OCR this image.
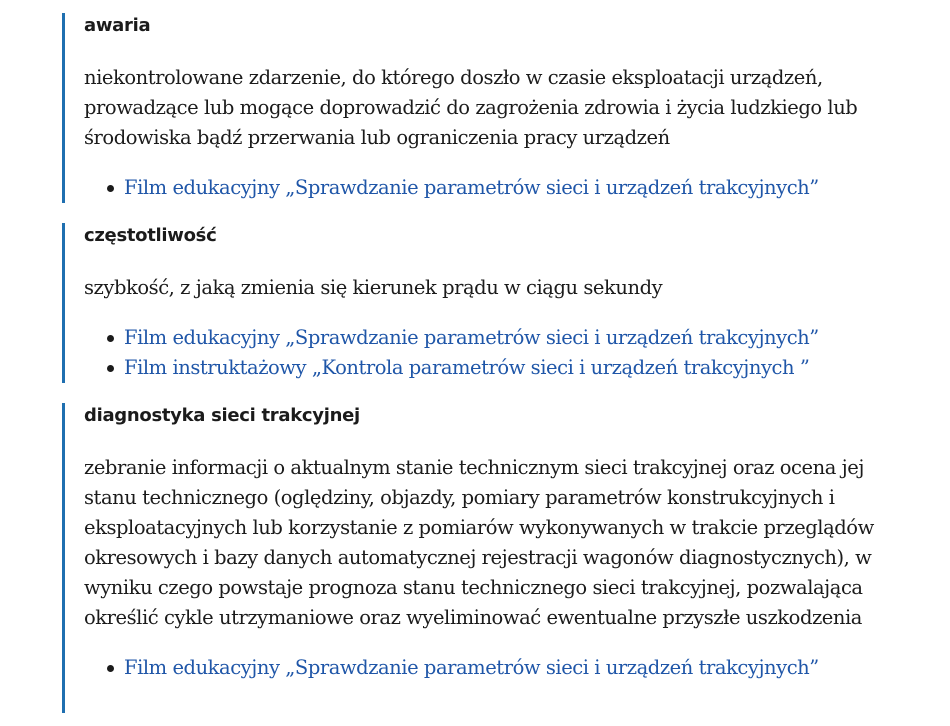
awaria

niekontrolowane zdarzenie, do którego doszło w czasie eksploatacji urządzeń, prowadzące lub mogące doprowadzić do zagrożenia zdrowia i życia ludzkiego lub środowiska bądź przerwania lub ograniczenia pracy urządzeń

Film edukacyjny „Sprawdzanie parametrów sieci i urządzeń trakcyjnych”

częstotliwość

szybkość, z jaką zmienia się kierunek prądu w ciągu sekundy

Film edukacyjny „Sprawdzanie parametrów sieci i urządzeń trakcyjnych”
Film instruktażowy „Kontrola parametrów sieci i urządzeń trakcyjnych ”

diagnostyka sieci trakcyjnej

zebranie informacji o aktualnym stanie technicznym sieci trakcyjnej oraz ocena jej stanu technicznego (oględziny, objazdy, pomiary parametrów konstrukcyjnych i eksploatacyjnych lub korzystanie z pomiarów wykonywanych w trakcie przeglądów okresowych i bazy danych automatycznej rejestracji wagonów diagnostycznych), w wyniku czego powstaje prognoza stanu technicznego sieci trakcyjnej, pozwalająca określić cykle utrzymaniowe oraz wyeliminować ewentualne przyszłe uszkodzenia

Film edukacyjny „Sprawdzanie parametrów sieci i urządzeń trakcyjnych”
